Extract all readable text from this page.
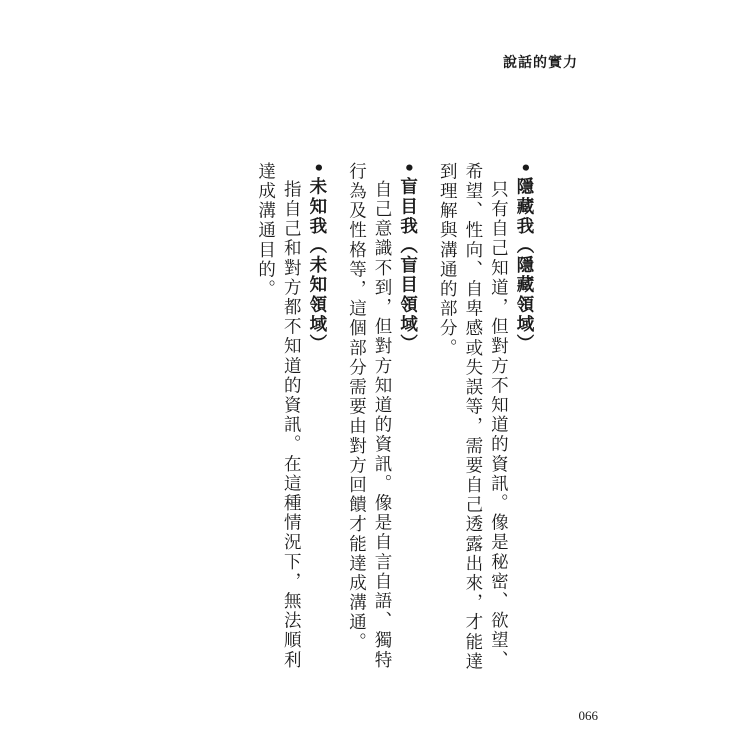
說話的實力
•隱藏我（隱藏領域）

只有自己知道，但對方不知道的資訊。像是秘密、欲望、希望、性向、自卑感或失誤等，需要自己透露出來，才能達到理解與溝通的部分。

•盲目我（盲目領域）

自己意識不到，但對方知道的資訊。像是自言自語、獨特行為及性格等，這個部分需要由對方回饋才能達成溝通。

•未知我（未知領域）

指自己和對方都不知道的資訊。在這種情況下，無法順利達成溝通目的。

066
